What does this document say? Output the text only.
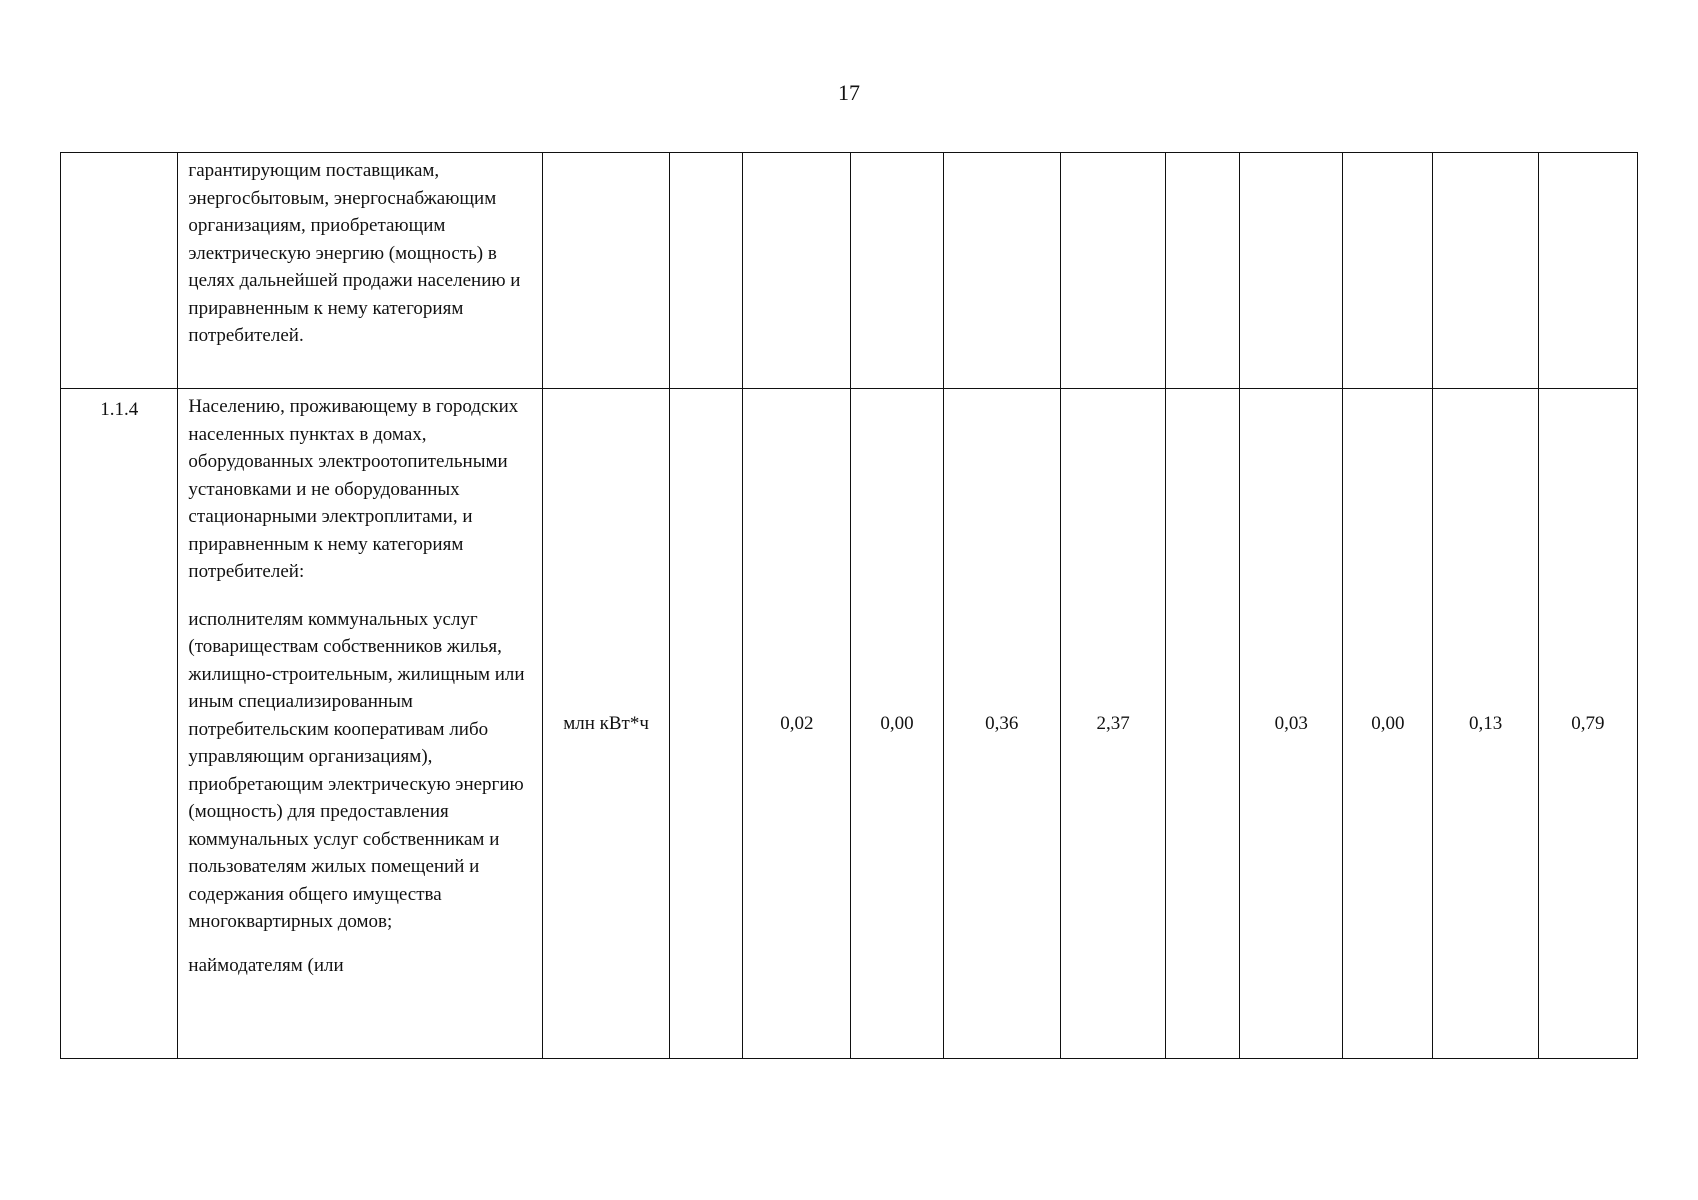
17

	гарантирующим поставщикам, энергосбытовым, энергоснабжающим организациям, приобретающим электрическую энергию (мощность) в целях дальнейшей продажи населению и приравненным к нему категориям потребителей.											

1.1.4	Населению, проживающему в городских населенных пунктах в домах, оборудованных электроотопительными установками и не оборудованных стационарными электроплитами, и приравненным к нему категориям потребителей:

исполнителям коммунальных услуг (товариществам собственников жилья, жилищно-строительным, жилищным или иным специализированным потребительским кооперативам либо управляющим организациям), приобретающим электрическую энергию (мощность) для предоставления коммунальных услуг собственникам и пользователям жилых помещений и содержания общего имущества многоквартирных домов;

наймодателям (или	млн кВт*ч		0,02	0,00	0,36	2,37		0,03	0,00	0,13	0,79
